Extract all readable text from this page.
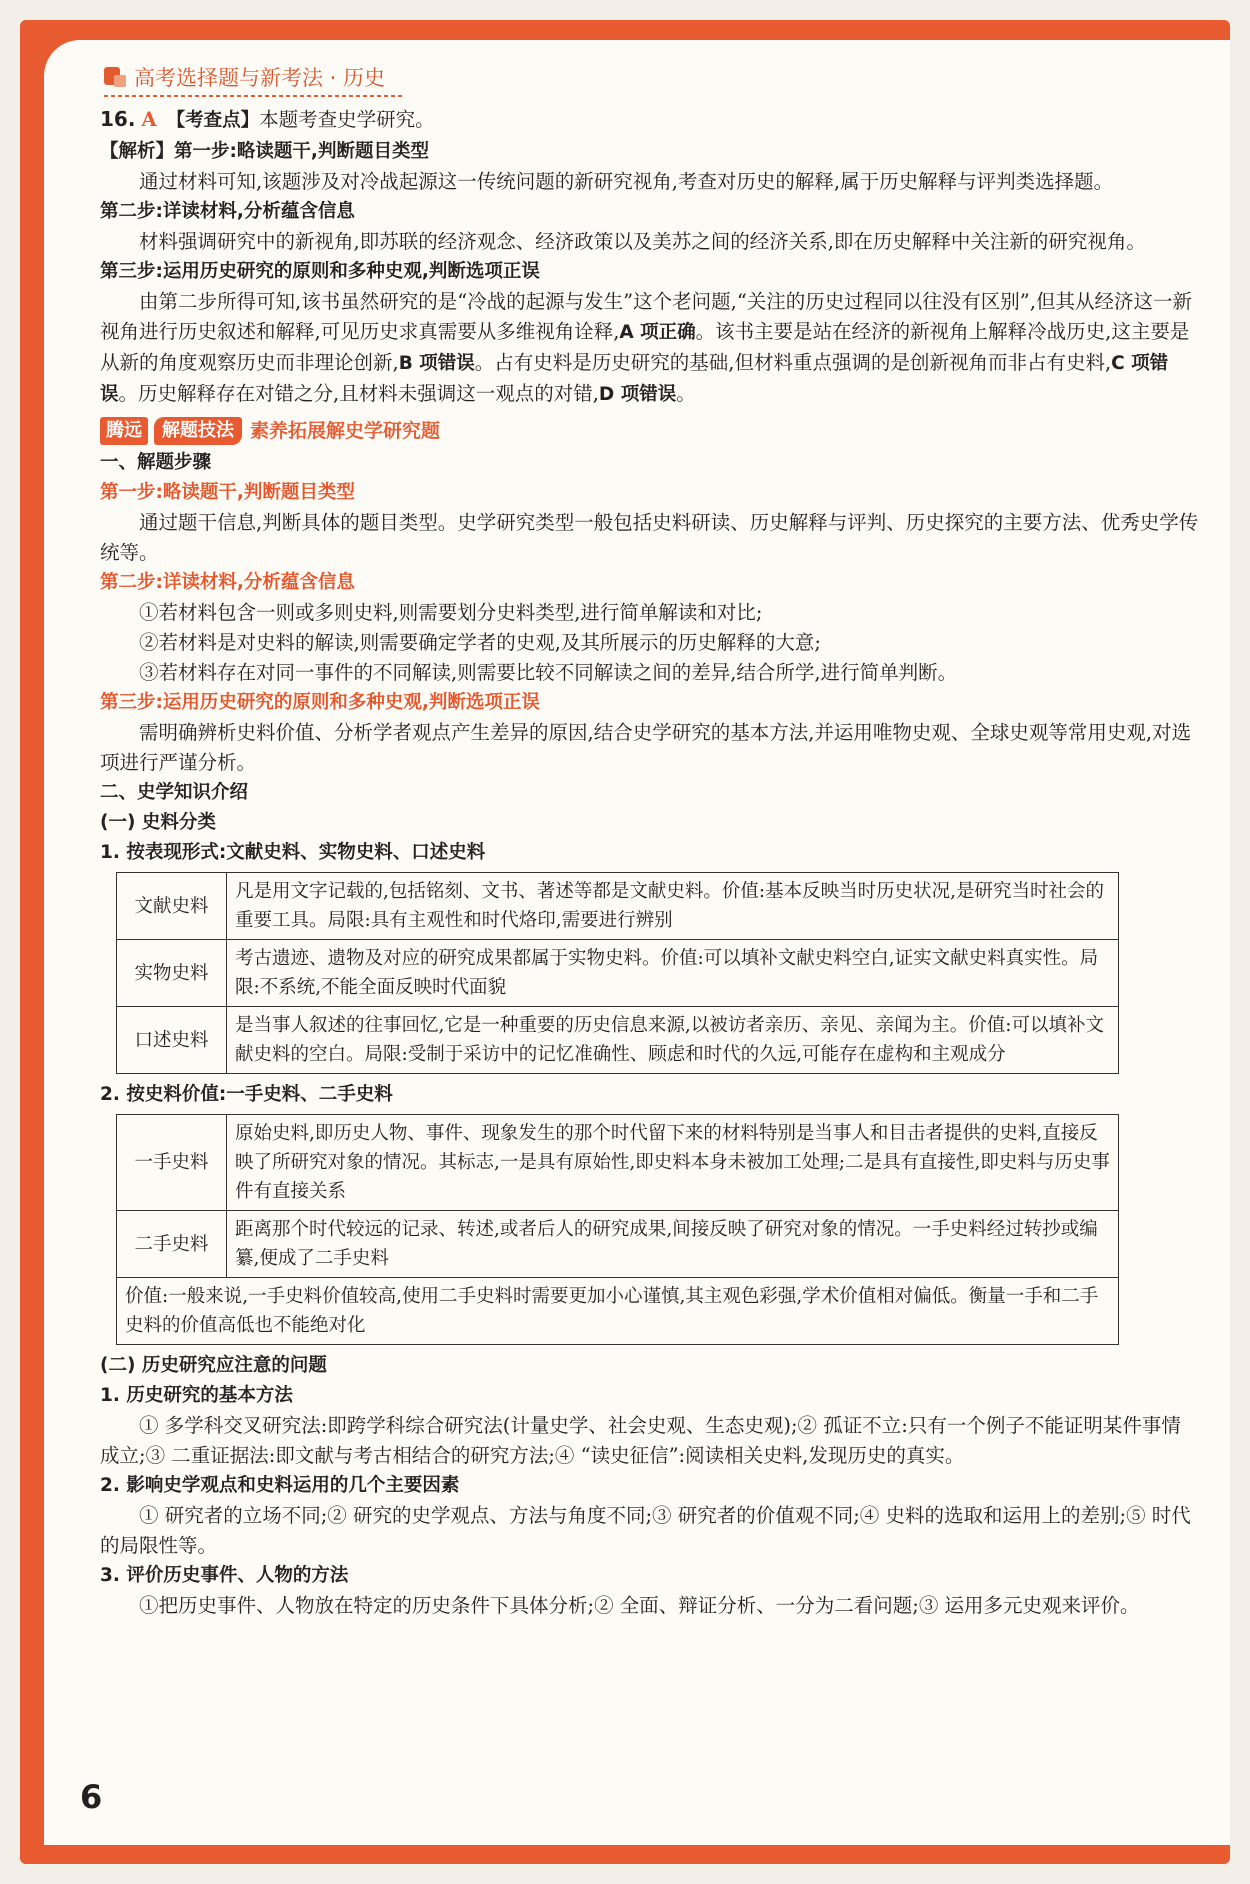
高考选择题与新考法 · 历史

16. A 【考查点】本题考查史学研究。

【解析】第一步:略读题干,判断题目类型

通过材料可知,该题涉及对冷战起源这一传统问题的新研究视角,考查对历史的解释,属于历史解释与评判类选择题。

第二步:详读材料,分析蕴含信息

材料强调研究中的新视角,即苏联的经济观念、经济政策以及美苏之间的经济关系,即在历史解释中关注新的研究视角。

第三步:运用历史研究的原则和多种史观,判断选项正误

由第二步所得可知,该书虽然研究的是“冷战的起源与发生”这个老问题,“关注的历史过程同以往没有区别”,但其从经济这一新视角进行历史叙述和解释,可见历史求真需要从多维视角诠释,A 项正确。该书主要是站在经济的新视角上解释冷战历史,这主要是从新的角度观察历史而非理论创新,B 项错误。占有史料是历史研究的基础,但材料重点强调的是创新视角而非占有史料,C 项错误。历史解释存在对错之分,且材料未强调这一观点的对错,D 项错误。

腾远	解题技法 素养拓展解史学研究题

一、解题步骤

第一步:略读题干,判断题目类型

通过题干信息,判断具体的题目类型。史学研究类型一般包括史料研读、历史解释与评判、历史探究的主要方法、优秀史学传统等。

第二步:详读材料,分析蕴含信息

①若材料包含一则或多则史料,则需要划分史料类型,进行简单解读和对比;

②若材料是对史料的解读,则需要确定学者的史观,及其所展示的历史解释的大意;

③若材料存在对同一事件的不同解读,则需要比较不同解读之间的差异,结合所学,进行简单判断。

第三步:运用历史研究的原则和多种史观,判断选项正误

需明确辨析史料价值、分析学者观点产生差异的原因,结合史学研究的基本方法,并运用唯物史观、全球史观等常用史观,对选项进行严谨分析。

二、史学知识介绍

(一) 史料分类

1. 按表现形式:文献史料、实物史料、口述史料

文献史料	凡是用文字记载的,包括铭刻、文书、著述等都是文献史料。价值:基本反映当时历史状况,是研究当时社会的重要工具。局限:具有主观性和时代烙印,需要进行辨别
实物史料	考古遗迹、遗物及对应的研究成果都属于实物史料。价值:可以填补文献史料空白,证实文献史料真实性。局限:不系统,不能全面反映时代面貌
口述史料	是当事人叙述的往事回忆,它是一种重要的历史信息来源,以被访者亲历、亲见、亲闻为主。价值:可以填补文献史料的空白。局限:受制于采访中的记忆准确性、顾虑和时代的久远,可能存在虚构和主观成分

2. 按史料价值:一手史料、二手史料

一手史料	原始史料,即历史人物、事件、现象发生的那个时代留下来的材料特别是当事人和目击者提供的史料,直接反映了所研究对象的情况。其标志,一是具有原始性,即史料本身未被加工处理;二是具有直接性,即史料与历史事件有直接关系
二手史料	距离那个时代较远的记录、转述,或者后人的研究成果,间接反映了研究对象的情况。一手史料经过转抄或编纂,便成了二手史料
价值:一般来说,一手史料价值较高,使用二手史料时需要更加小心谨慎,其主观色彩强,学术价值相对偏低。衡量一手和二手史料的价值高低也不能绝对化	

(二) 历史研究应注意的问题

1. 历史研究的基本方法

① 多学科交叉研究法:即跨学科综合研究法(计量史学、社会史观、生态史观);② 孤证不立:只有一个例子不能证明某件事情成立;③ 二重证据法:即文献与考古相结合的研究方法;④ “读史征信”:阅读相关史料,发现历史的真实。

2. 影响史学观点和史料运用的几个主要因素

① 研究者的立场不同;② 研究的史学观点、方法与角度不同;③ 研究者的价值观不同;④ 史料的选取和运用上的差别;⑤ 时代的局限性等。

3. 评价历史事件、人物的方法

①把历史事件、人物放在特定的历史条件下具体分析;② 全面、辩证分析、一分为二看问题;③ 运用多元史观来评价。

6
